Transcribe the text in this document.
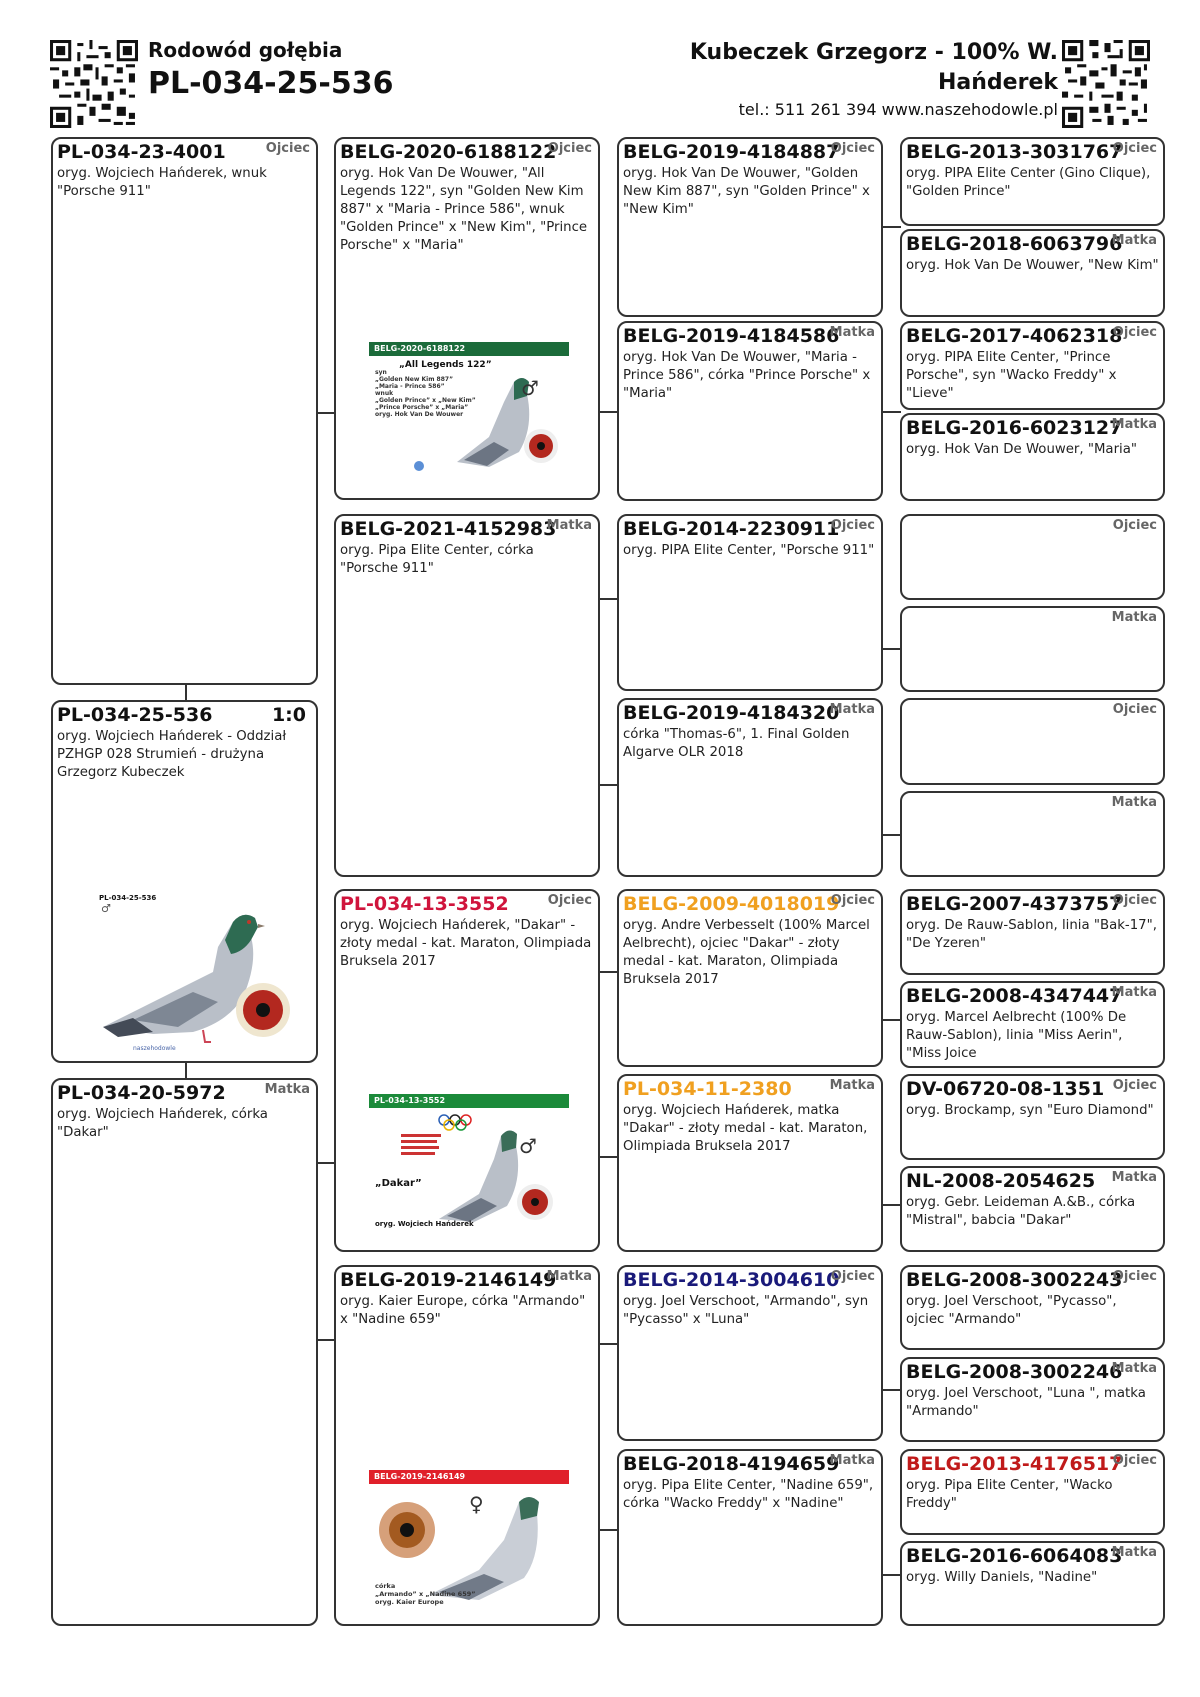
Rodowód gołębia
PL-034-25-536
Kubeczek Grzegorz - 100% W.
Hańderek
tel.: 511 261 394 www.naszehodowle.pl
PL-034-23-4001	Ojciec
oryg. Wojciech Hańderek, wnuk "Porsche 911"
PL-034-25-536	1:0
oryg. Wojciech Hańderek - Oddział PZHGP 028 Strumień - drużyna Grzegorz Kubeczek
PL-034-25-536
♂
naszehodowle
PL-034-20-5972	Matka
oryg. Wojciech Hańderek, córka "Dakar"
BELG-2020-6188122
Ojciec
oryg. Hok Van De Wouwer, "All Legends 122", syn "Golden New Kim 887" x "Maria - Prince 586", wnuk "Golden Prince" x "New Kim", "Prince Porsche" x "Maria"
BELG-2020-6188122
„All Legends 122”
syn
„Golden New Kim 887”
„Maria - Prince 586”
wnuk
„Golden Prince” x „New Kim”
„Prince Porsche” x „Maria”
oryg. Hok Van De Wouwer
♂
BELG-2021-4152983
Matka
oryg. Pipa Elite Center, córka "Porsche 911"
PL-034-13-3552	Ojciec
oryg. Wojciech Hańderek, "Dakar" - złoty medal - kat. Maraton, Olimpiada Bruksela 2017
PL-034-13-3552
„Dakar”
oryg. Wojciech Hańderek
♂
BELG-2019-2146149
Matka
oryg. Kaier Europe, córka "Armando" x "Nadine 659"
BELG-2019-2146149
♀
córka
„Armando” x „Nadine 659”
oryg. Kaier Europe
BELG-2019-4184887
Ojciec
oryg. Hok Van De Wouwer, "Golden New Kim 887", syn "Golden Prince" x "New Kim"
BELG-2019-4184586
Matka
oryg. Hok Van De Wouwer, "Maria - Prince 586", córka "Prince Porsche" x "Maria"
BELG-2014-2230911
Ojciec
oryg. PIPA Elite Center, "Porsche 911"
BELG-2019-4184320
Matka
córka "Thomas-6", 1. Final Golden Algarve OLR 2018
BELG-2009-4018019
Ojciec
oryg. Andre Verbesselt (100% Marcel Aelbrecht), ojciec "Dakar" - złoty medal - kat. Maraton, Olimpiada Bruksela 2017
PL-034-11-2380	Matka
oryg. Wojciech Hańderek, matka "Dakar" - złoty medal - kat. Maraton, Olimpiada Bruksela 2017
BELG-2014-3004610
Ojciec
oryg. Joel Verschoot, "Armando", syn "Pycasso" x "Luna"
BELG-2018-4194659
Matka
oryg. Pipa Elite Center, "Nadine 659", córka "Wacko Freddy" x "Nadine"
BELG-2013-3031767
Ojciec
oryg. PIPA Elite Center (Gino Clique), "Golden Prince"
BELG-2018-6063796
Matka
oryg. Hok Van De Wouwer, "New Kim"
BELG-2017-4062318
Ojciec
oryg. PIPA Elite Center, "Prince Porsche", syn "Wacko Freddy" x "Lieve"
BELG-2016-6023127
Matka
oryg. Hok Van De Wouwer, "Maria"
Ojciec
Matka
Ojciec
Matka
BELG-2007-4373757
Ojciec
oryg. De Rauw-Sablon, linia "Bak-17", "De Yzeren"
BELG-2008-4347447
Matka
oryg. Marcel Aelbrecht (100% De Rauw-Sablon), linia "Miss Aerin", "Miss Joice
DV-06720-08-1351 Ojciec
oryg. Brockamp, syn "Euro Diamond"
NL-2008-2054625 Matka
oryg. Gebr. Leideman A.&B., córka "Mistral", babcia "Dakar"
BELG-2008-3002243
Ojciec
oryg. Joel Verschoot, "Pycasso", ojciec "Armando"
BELG-2008-3002246
Matka
oryg. Joel Verschoot, "Luna ", matka "Armando"
BELG-2013-4176517
Ojciec
oryg. Pipa Elite Center, "Wacko Freddy"
BELG-2016-6064083
Matka
oryg. Willy Daniels, "Nadine"
